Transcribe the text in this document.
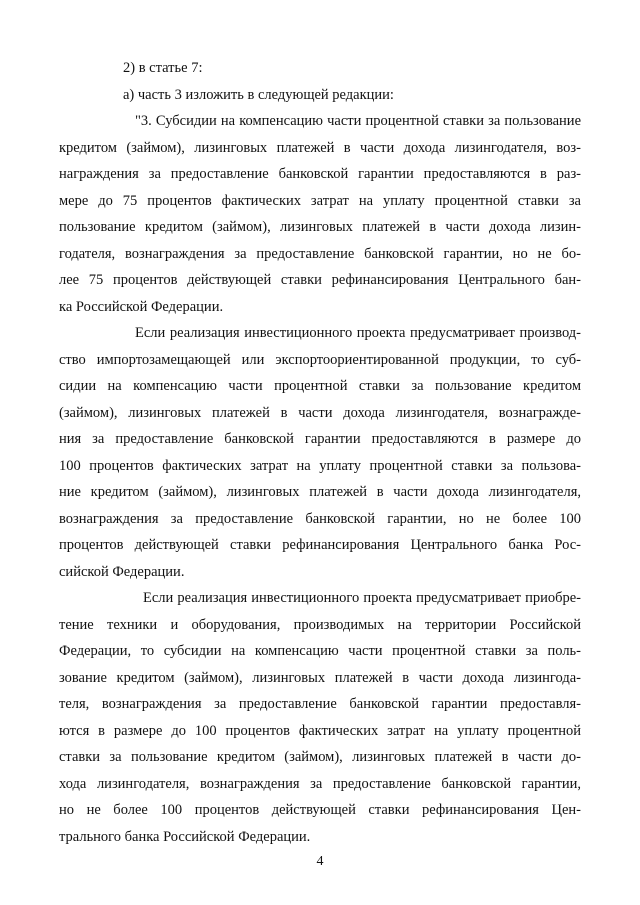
2) в статье 7:
а) часть 3 изложить в следующей редакции:
"3. Субсидии на компенсацию части процентной ставки за пользование
кредитом (займом), лизинговых платежей в части дохода лизингодателя, воз-
награждения за предоставление банковской гарантии предоставляются в раз-
мере до 75 процентов фактических затрат на уплату процентной ставки за
пользование кредитом (займом), лизинговых платежей в части дохода лизин-
годателя, вознаграждения за предоставление банковской гарантии, но не бо-
лее 75 процентов действующей ставки рефинансирования Центрального бан-
ка Российской Федерации.
Если реализация инвестиционного проекта предусматривает производ-
ство импортозамещающей или экспортоориентированной продукции, то суб-
сидии на компенсацию части процентной ставки за пользование кредитом
(займом), лизинговых платежей в части дохода лизингодателя, вознагражде-
ния за предоставление банковской гарантии предоставляются в размере до
100 процентов фактических затрат на уплату процентной ставки за пользова-
ние кредитом (займом), лизинговых платежей в части дохода лизингодателя,
вознаграждения за предоставление банковской гарантии, но не более 100
процентов действующей ставки рефинансирования Центрального банка Рос-
сийской Федерации.
Если реализация инвестиционного проекта предусматривает приобре-
тение техники и оборудования, производимых на территории Российской
Федерации, то субсидии на компенсацию части процентной ставки за поль-
зование кредитом (займом), лизинговых платежей в части дохода лизингода-
теля, вознаграждения за предоставление банковской гарантии предоставля-
ются в размере до 100 процентов фактических затрат на уплату процентной
ставки за пользование кредитом (займом), лизинговых платежей в части до-
хода лизингодателя, вознаграждения за предоставление банковской гарантии,
но не более 100 процентов действующей ставки рефинансирования Цен-
трального банка Российской Федерации.
4
